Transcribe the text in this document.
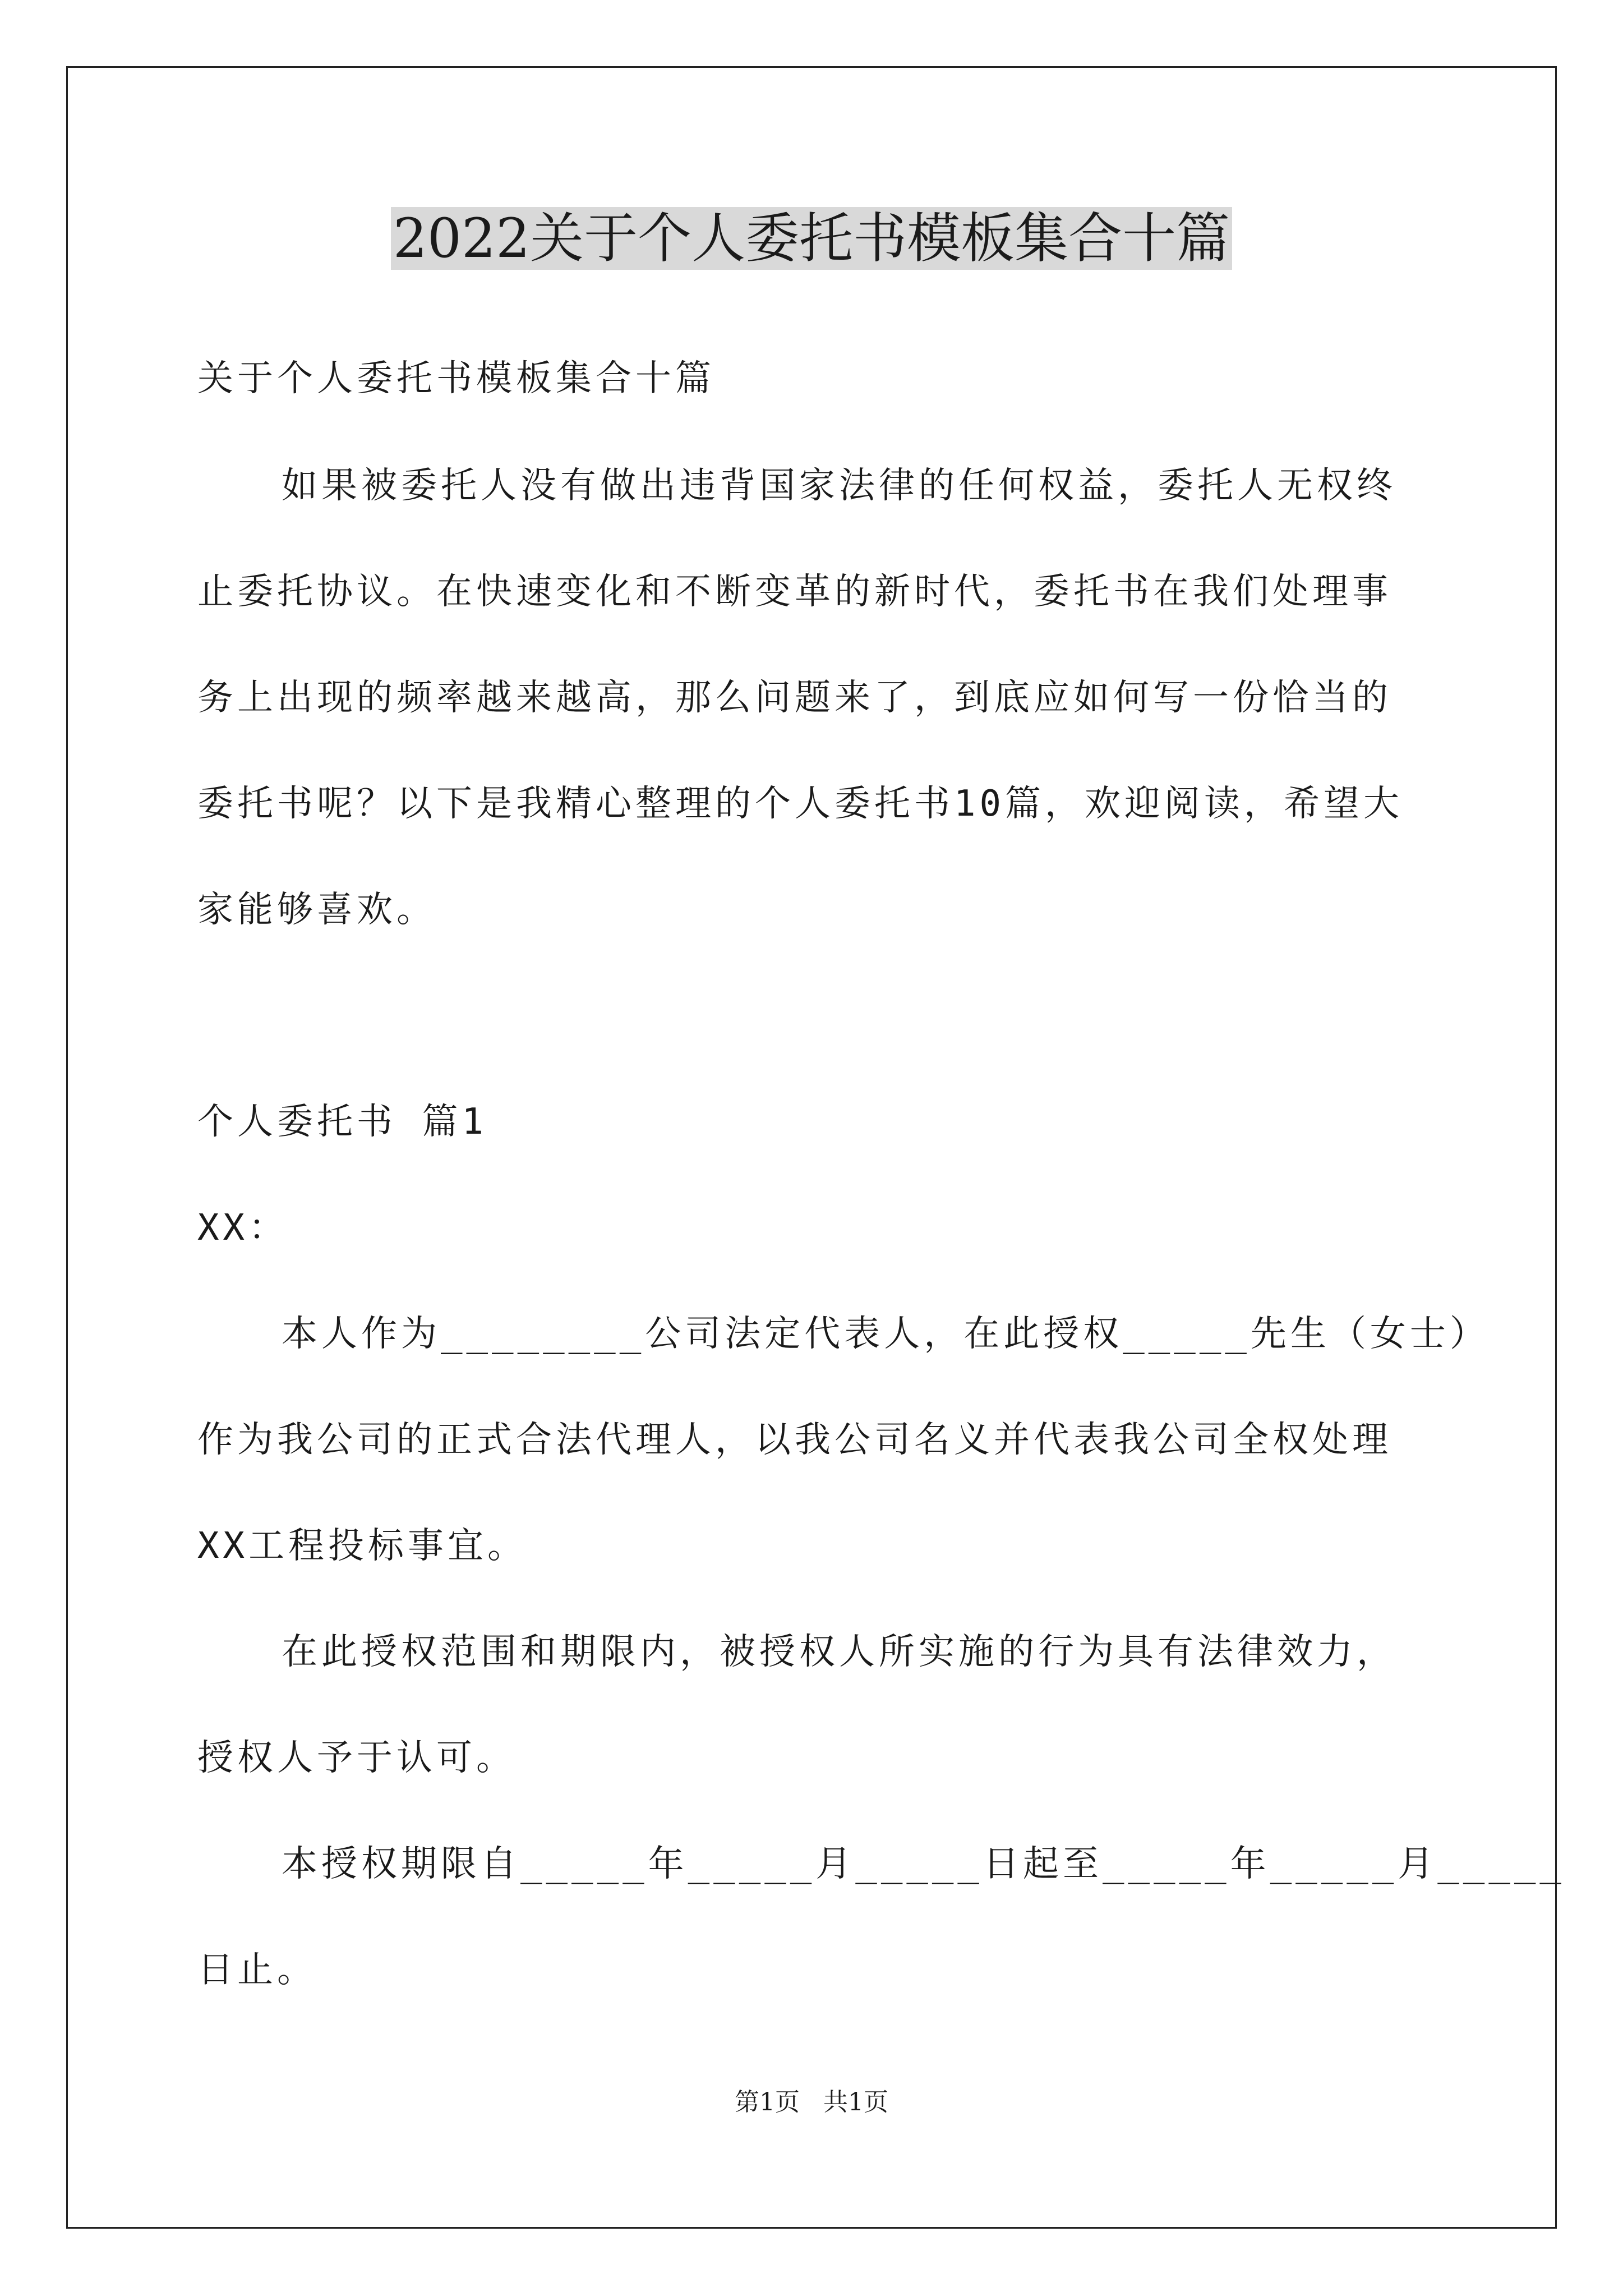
2022关于个人委托书模板集合十篇
关于个人委托书模板集合十篇
如果被委托人没有做出违背国家法律的任何权益，委托人无权终
止委托协议。在快速变化和不断变革的新时代，委托书在我们处理事
务上出现的频率越来越高，那么问题来了，到底应如何写一份恰当的
委托书呢？以下是我精心整理的个人委托书10篇，欢迎阅读，希望大
家能够喜欢。
个人委托书 篇1
XX：
本人作为________公司法定代表人，在此授权_____先生（女士）
作为我公司的正式合法代理人，以我公司名义并代表我公司全权处理
XX工程投标事宜。
在此授权范围和期限内，被授权人所实施的行为具有法律效力，
授权人予于认可。
本授权期限自_____年_____月_____日起至_____年_____月_____
日止。
第1页   共1页
